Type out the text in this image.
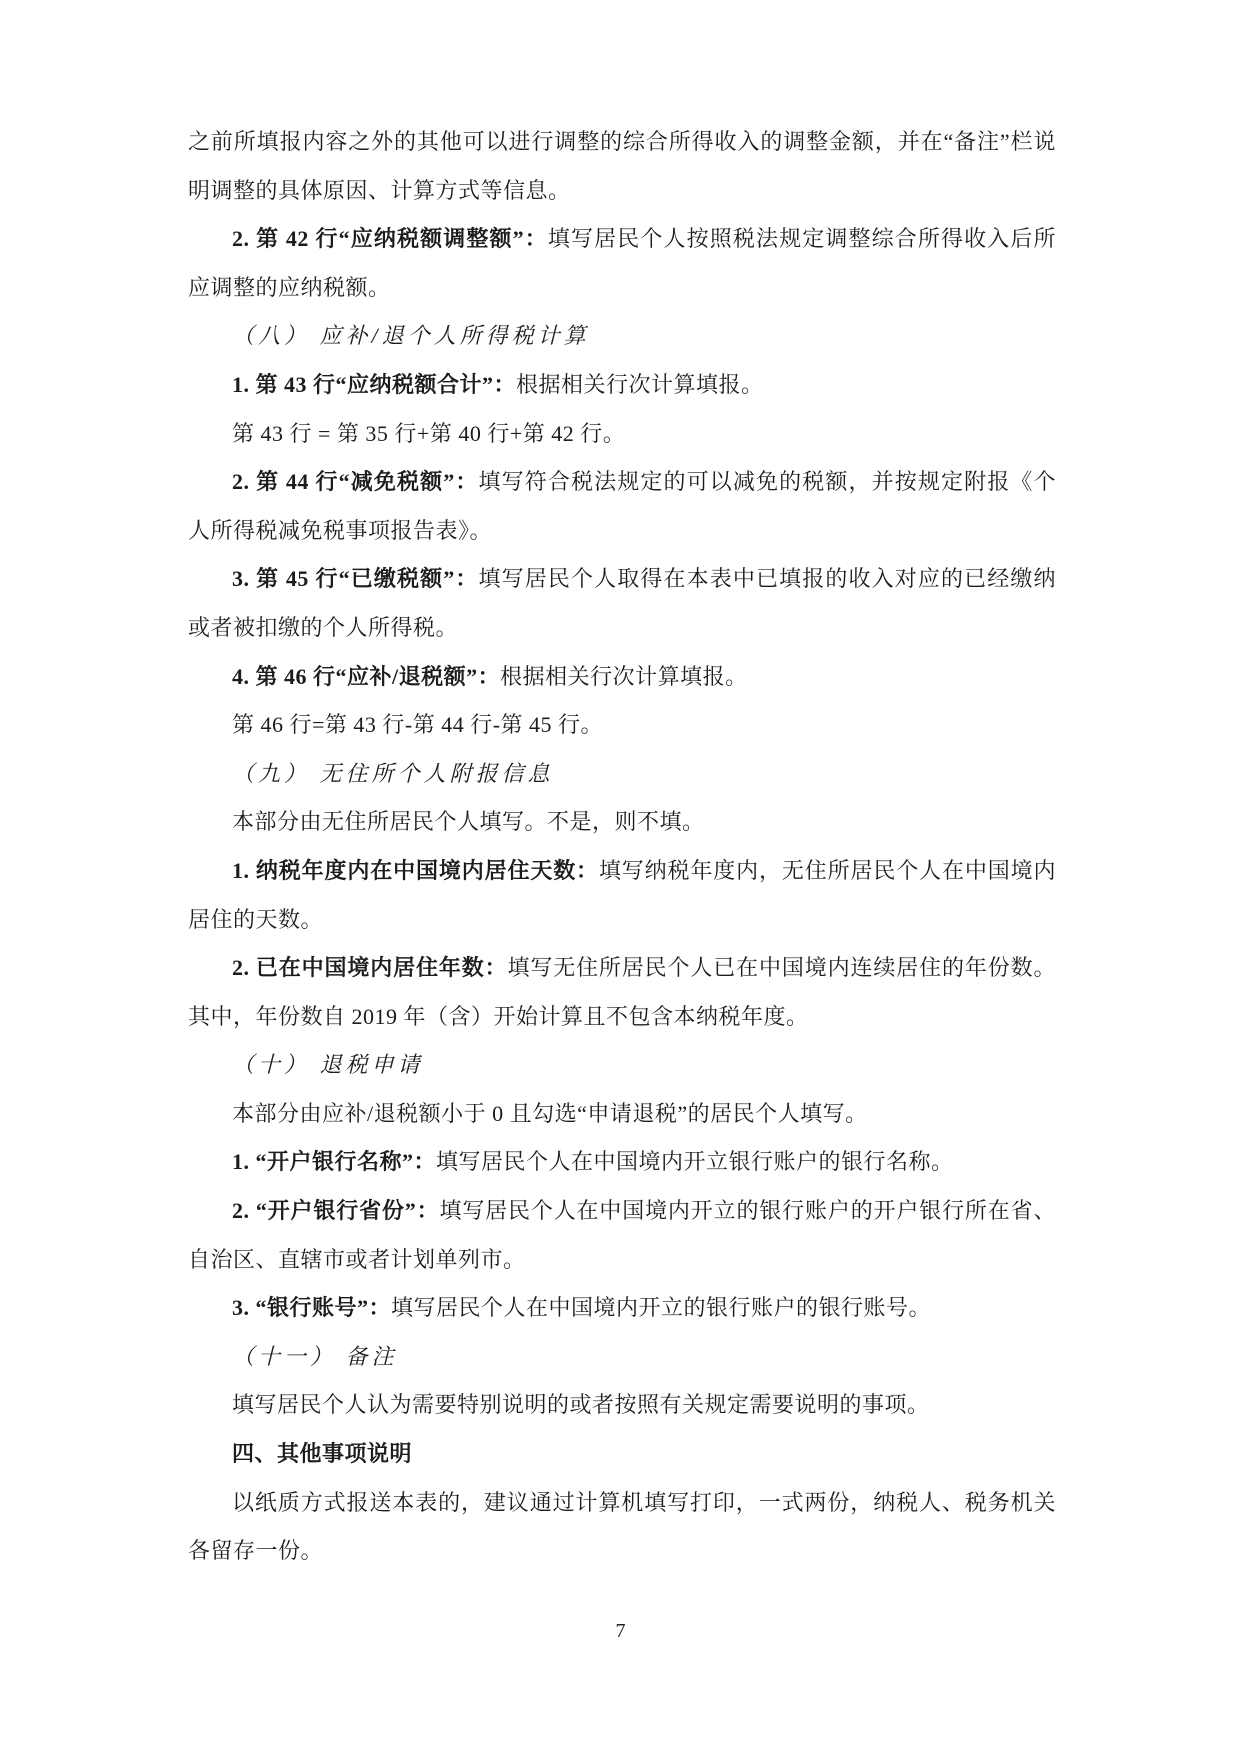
之前所填报内容之外的其他可以进行调整的综合所得收入的调整金额，并在“备注”栏说明调整的具体原因、计算方式等信息。

2. 第 42 行“应纳税额调整额”：填写居民个人按照税法规定调整综合所得收入后所应调整的应纳税额。

（八） 应补/退个人所得税计算

1. 第 43 行“应纳税额合计”：根据相关行次计算填报。

第 43 行 = 第 35 行+第 40 行+第 42 行。

2. 第 44 行“减免税额”：填写符合税法规定的可以减免的税额，并按规定附报《个人所得税减免税事项报告表》。

3. 第 45 行“已缴税额”：填写居民个人取得在本表中已填报的收入对应的已经缴纳或者被扣缴的个人所得税。

4. 第 46 行“应补/退税额”：根据相关行次计算填报。

第 46 行=第 43 行-第 44 行-第 45 行。

（九） 无住所个人附报信息

本部分由无住所居民个人填写。不是，则不填。

1. 纳税年度内在中国境内居住天数：填写纳税年度内，无住所居民个人在中国境内居住的天数。

2. 已在中国境内居住年数：填写无住所居民个人已在中国境内连续居住的年份数。其中，年份数自 2019 年（含）开始计算且不包含本纳税年度。

（十） 退税申请

本部分由应补/退税额小于 0 且勾选“申请退税”的居民个人填写。

1. “开户银行名称”：填写居民个人在中国境内开立银行账户的银行名称。

2. “开户银行省份”：填写居民个人在中国境内开立的银行账户的开户银行所在省、自治区、直辖市或者计划单列市。

3. “银行账号”：填写居民个人在中国境内开立的银行账户的银行账号。

（十一） 备注

填写居民个人认为需要特别说明的或者按照有关规定需要说明的事项。

四、其他事项说明

以纸质方式报送本表的，建议通过计算机填写打印，一式两份，纳税人、税务机关各留存一份。

7
